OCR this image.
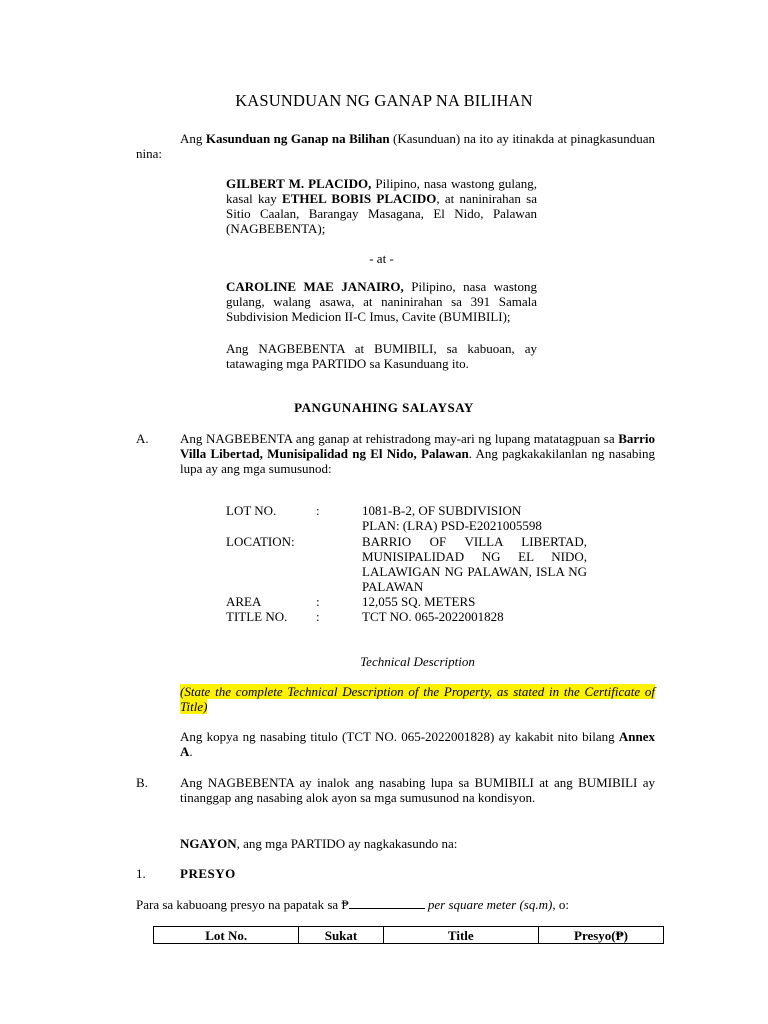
KASUNDUAN NG GANAP NA BILIHAN
Ang Kasunduan ng Ganap na Bilihan (Kasunduan) na ito ay itinakda at pinagkasunduan nina:
GILBERT M. PLACIDO, Pilipino, nasa wastong gulang, kasal kay ETHEL BOBIS PLACIDO, at naninirahan sa Sitio Caalan, Barangay Masagana, El Nido, Palawan (NAGBEBENTA);
- at -
CAROLINE MAE JANAIRO, Pilipino, nasa wastong gulang, walang asawa, at naninirahan sa 391 Samala Subdivision Medicion II-C Imus, Cavite (BUMIBILI);
Ang NAGBEBENTA at BUMIBILI, sa kabuoan, ay tatawaging mga PARTIDO sa Kasunduang ito.
PANGUNAHING SALAYSAY
A. Ang NAGBEBENTA ang ganap at rehistradong may-ari ng lupang matatagpuan sa Barrio Villa Libertad, Munisipalidad ng El Nido, Palawan. Ang pagkakakilanlan ng nasabing lupa ay ang mga sumusunod:
LOT NO.	:	1081-B-2, OF SUBDIVISION
PLAN: (LRA) PSD-E2021005598
LOCATION:	BARRIO OF VILLA LIBERTAD, MUNISIPALIDAD NG EL NIDO, LALAWIGAN NG PALAWAN, ISLA NG PALAWAN
AREA	:	12,055 SQ. METERS
TITLE NO. :	TCT NO. 065-2022001828
Technical Description
(State the complete Technical Description of the Property, as stated in the Certificate of Title)
Ang kopya ng nasabing titulo (TCT NO. 065-2022001828) ay kakabit nito bilang Annex A.
B. Ang NAGBEBENTA ay inalok ang nasabing lupa sa BUMIBILI at ang BUMIBILI ay tinanggap ang nasabing alok ayon sa mga sumusunod na kondisyon.
NGAYON, ang mga PARTIDO ay nagkakasundo na:
1.	PRESYO
Para sa kabuoang presyo na papatak sa ₱	per square meter (sq.m), o:
Lot No.	Sukat	Title	Presyo(₱)
